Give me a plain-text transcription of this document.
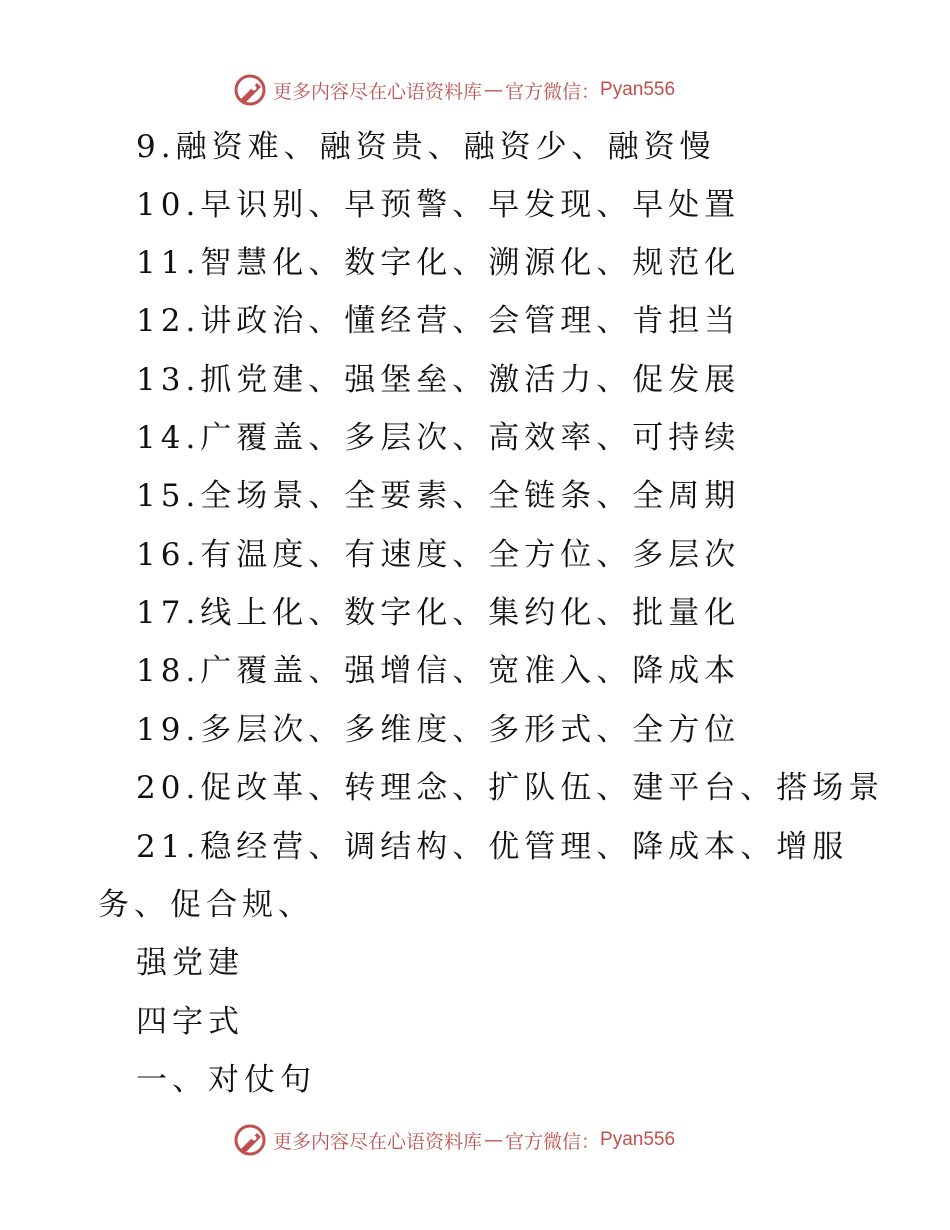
更多内容尽在心语资料库 — 官方微信： Pyan556
9.融资难、融资贵、融资少、融资慢
10.早识别、早预警、早发现、早处置
11.智慧化、数字化、溯源化、规范化
12.讲政治、懂经营、会管理、肯担当
13.抓党建、强堡垒、激活力、促发展
14.广覆盖、多层次、高效率、可持续
15.全场景、全要素、全链条、全周期
16.有温度、有速度、全方位、多层次
17.线上化、数字化、集约化、批量化
18.广覆盖、强增信、宽准入、降成本
19.多层次、多维度、多形式、全方位
20.促改革、转理念、扩队伍、建平台、搭场景
21.稳经营、调结构、优管理、降成本、增服
务、促合规、
强党建
四字式
一、对仗句
更多内容尽在心语资料库 — 官方微信： Pyan556
